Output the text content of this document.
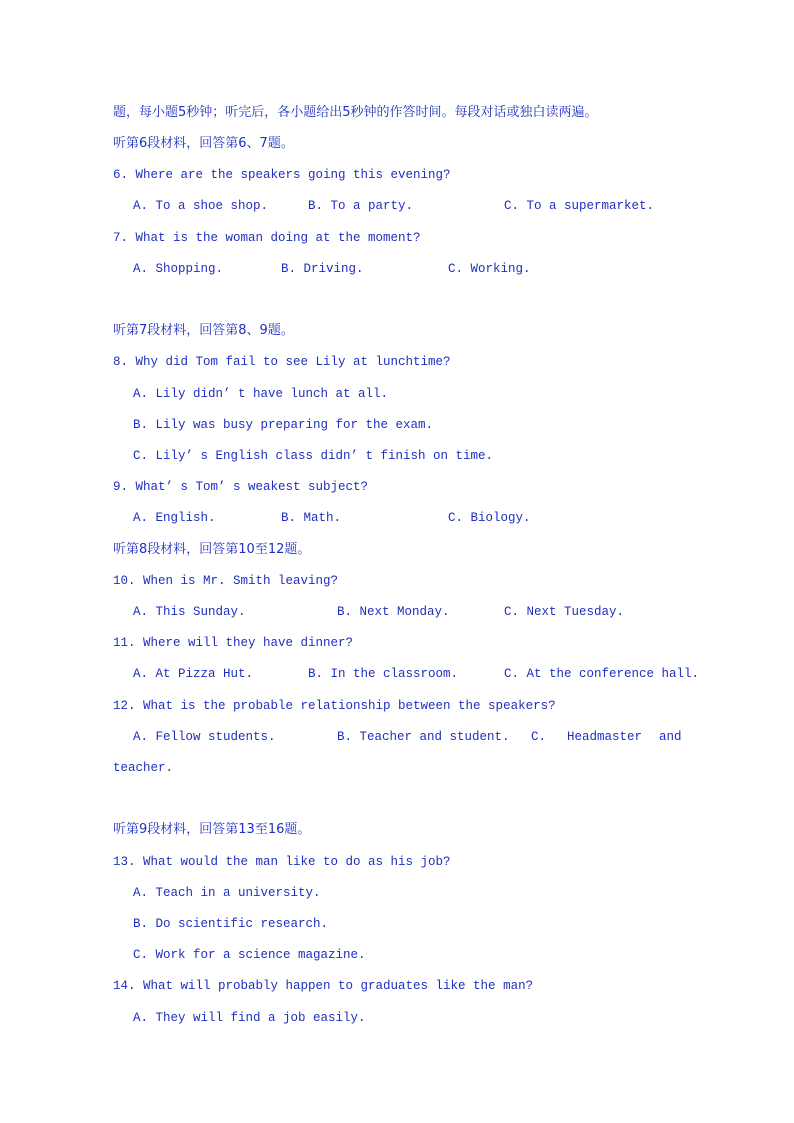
题，每小题5秒钟；听完后，各小题给出5秒钟的作答时间。每段对话或独白读两遍。
听第6段材料，回答第6、7题。
6. Where are the speakers going this evening?
A. To a shoe shop.	B. To a party.	C. To a supermarket.
7. What is the woman doing at the moment?
A. Shopping.	B. Driving.	C. Working.
听第7段材料，回答第8、9题。
8. Why did Tom fail to see Lily at lunchtime?
A. Lily didn’ t have lunch at all.
B. Lily was busy preparing for the exam.
C. Lily’ s English class didn’ t finish on time.
9. What’ s Tom’ s weakest subject?
A. English.	B. Math.	C. Biology.
听第8段材料，回答第10至12题。
10. When is Mr. Smith leaving?
A. This Sunday.	B. Next Monday.	C. Next Tuesday.
11. Where will they have dinner?
A. At Pizza Hut.	B. In the classroom.	C. At the conference hall.
12. What is the probable relationship between the speakers?
A. Fellow students.	B. Teacher and student. C. Headmaster and
teacher.
听第9段材料，回答第13至16题。
13. What would the man like to do as his job?
A. Teach in a university.
B. Do scientific research.
C. Work for a science magazine.
14. What will probably happen to graduates like the man?
A. They will find a job easily.
